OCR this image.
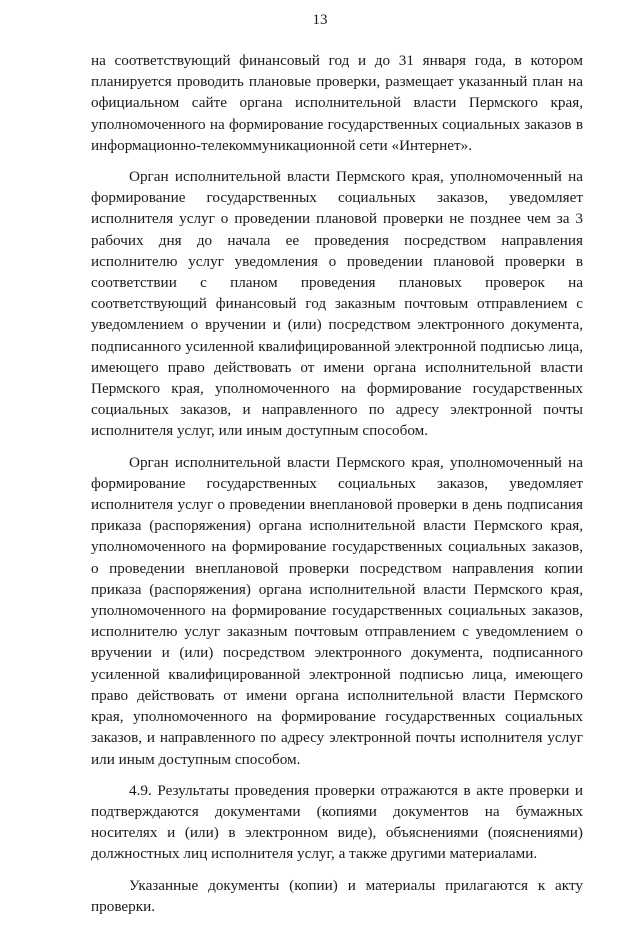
13

на соответствующий финансовый год и до 31 января года, в котором планируется проводить плановые проверки, размещает указанный план на официальном сайте органа исполнительной власти Пермского края, уполномоченного на формирование государственных социальных заказов в информационно-телекоммуникационной сети «Интернет».

Орган исполнительной власти Пермского края, уполномоченный на формирование государственных социальных заказов, уведомляет исполнителя услуг о проведении плановой проверки не позднее чем за 3 рабочих дня до начала ее проведения посредством направления исполнителю услуг уведомления о проведении плановой проверки в соответствии с планом проведения плановых проверок на соответствующий финансовый год заказным почтовым отправлением с уведомлением о вручении и (или) посредством электронного документа, подписанного усиленной квалифицированной электронной подписью лица, имеющего право действовать от имени органа исполнительной власти Пермского края, уполномоченного на формирование государственных социальных заказов, и направленного по адресу электронной почты исполнителя услуг, или иным доступным способом.

Орган исполнительной власти Пермского края, уполномоченный на формирование государственных социальных заказов, уведомляет исполнителя услуг о проведении внеплановой проверки в день подписания приказа (распоряжения) органа исполнительной власти Пермского края, уполномоченного на формирование государственных социальных заказов, о проведении внеплановой проверки посредством направления копии приказа (распоряжения) органа исполнительной власти Пермского края, уполномоченного на формирование государственных социальных заказов, исполнителю услуг заказным почтовым отправлением с уведомлением о вручении и (или) посредством электронного документа, подписанного усиленной квалифицированной электронной подписью лица, имеющего право действовать от имени органа исполнительной власти Пермского края, уполномоченного на формирование государственных социальных заказов, и направленного по адресу электронной почты исполнителя услуг или иным доступным способом.

4.9. Результаты проведения проверки отражаются в акте проверки и подтверждаются документами (копиями документов на бумажных носителях и (или) в электронном виде), объяснениями (пояснениями) должностных лиц исполнителя услуг, а также другими материалами.

Указанные документы (копии) и материалы прилагаются к акту проверки.
